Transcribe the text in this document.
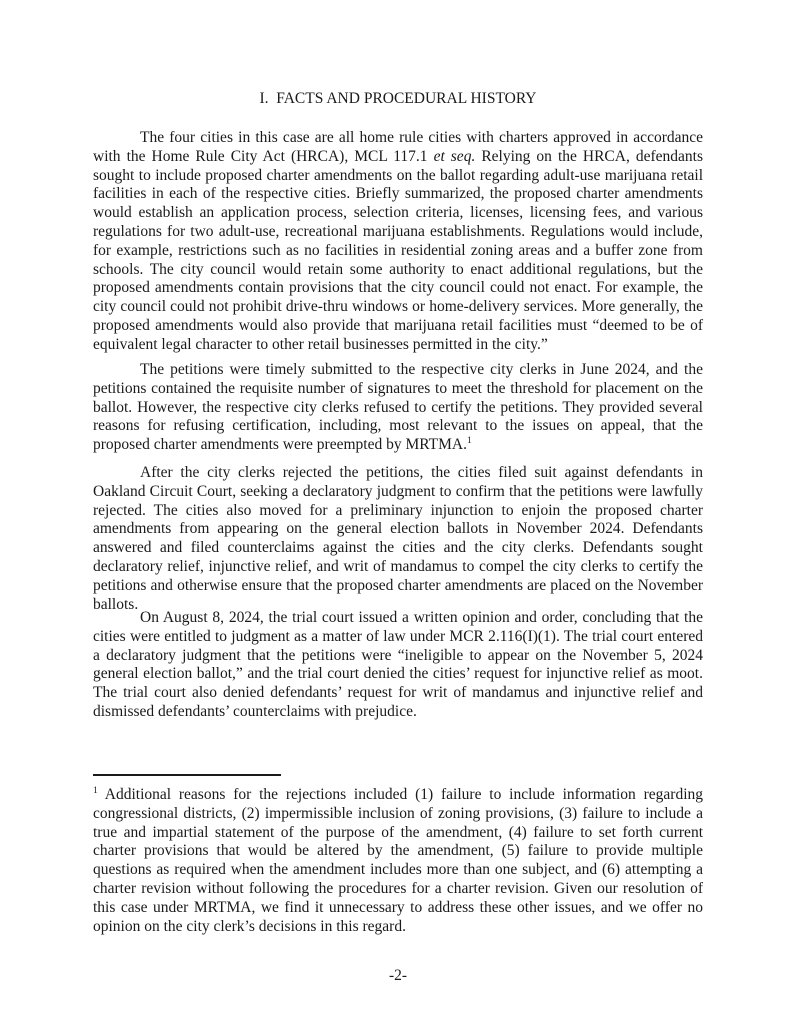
I.  FACTS AND PROCEDURAL HISTORY

The four cities in this case are all home rule cities with charters approved in accordance with the Home Rule City Act (HRCA), MCL 117.1 et seq. Relying on the HRCA, defendants sought to include proposed charter amendments on the ballot regarding adult-use marijuana retail facilities in each of the respective cities. Briefly summarized, the proposed charter amendments would establish an application process, selection criteria, licenses, licensing fees, and various regulations for two adult-use, recreational marijuana establishments. Regulations would include, for example, restrictions such as no facilities in residential zoning areas and a buffer zone from schools. The city council would retain some authority to enact additional regulations, but the proposed amendments contain provisions that the city council could not enact. For example, the city council could not prohibit drive-thru windows or home-delivery services. More generally, the proposed amendments would also provide that marijuana retail facilities must “deemed to be of equivalent legal character to other retail businesses permitted in the city.”

The petitions were timely submitted to the respective city clerks in June 2024, and the petitions contained the requisite number of signatures to meet the threshold for placement on the ballot. However, the respective city clerks refused to certify the petitions. They provided several reasons for refusing certification, including, most relevant to the issues on appeal, that the proposed charter amendments were preempted by MRTMA.$^1$

After the city clerks rejected the petitions, the cities filed suit against defendants in Oakland Circuit Court, seeking a declaratory judgment to confirm that the petitions were lawfully rejected. The cities also moved for a preliminary injunction to enjoin the proposed charter amendments from appearing on the general election ballots in November 2024. Defendants answered and filed counterclaims against the cities and the city clerks. Defendants sought declaratory relief, injunctive relief, and writ of mandamus to compel the city clerks to certify the petitions and otherwise ensure that the proposed charter amendments are placed on the November ballots.

On August 8, 2024, the trial court issued a written opinion and order, concluding that the cities were entitled to judgment as a matter of law under MCR 2.116(I)(1). The trial court entered a declaratory judgment that the petitions were “ineligible to appear on the November 5, 2024 general election ballot,” and the trial court denied the cities’ request for injunctive relief as moot. The trial court also denied defendants’ request for writ of mandamus and injunctive relief and dismissed defendants’ counterclaims with prejudice.

$^1$ Additional reasons for the rejections included (1) failure to include information regarding congressional districts, (2) impermissible inclusion of zoning provisions, (3) failure to include a true and impartial statement of the purpose of the amendment, (4) failure to set forth current charter provisions that would be altered by the amendment, (5) failure to provide multiple questions as required when the amendment includes more than one subject, and (6) attempting a charter revision without following the procedures for a charter revision. Given our resolution of this case under MRTMA, we find it unnecessary to address these other issues, and we offer no opinion on the city clerk’s decisions in this regard.

-2-
